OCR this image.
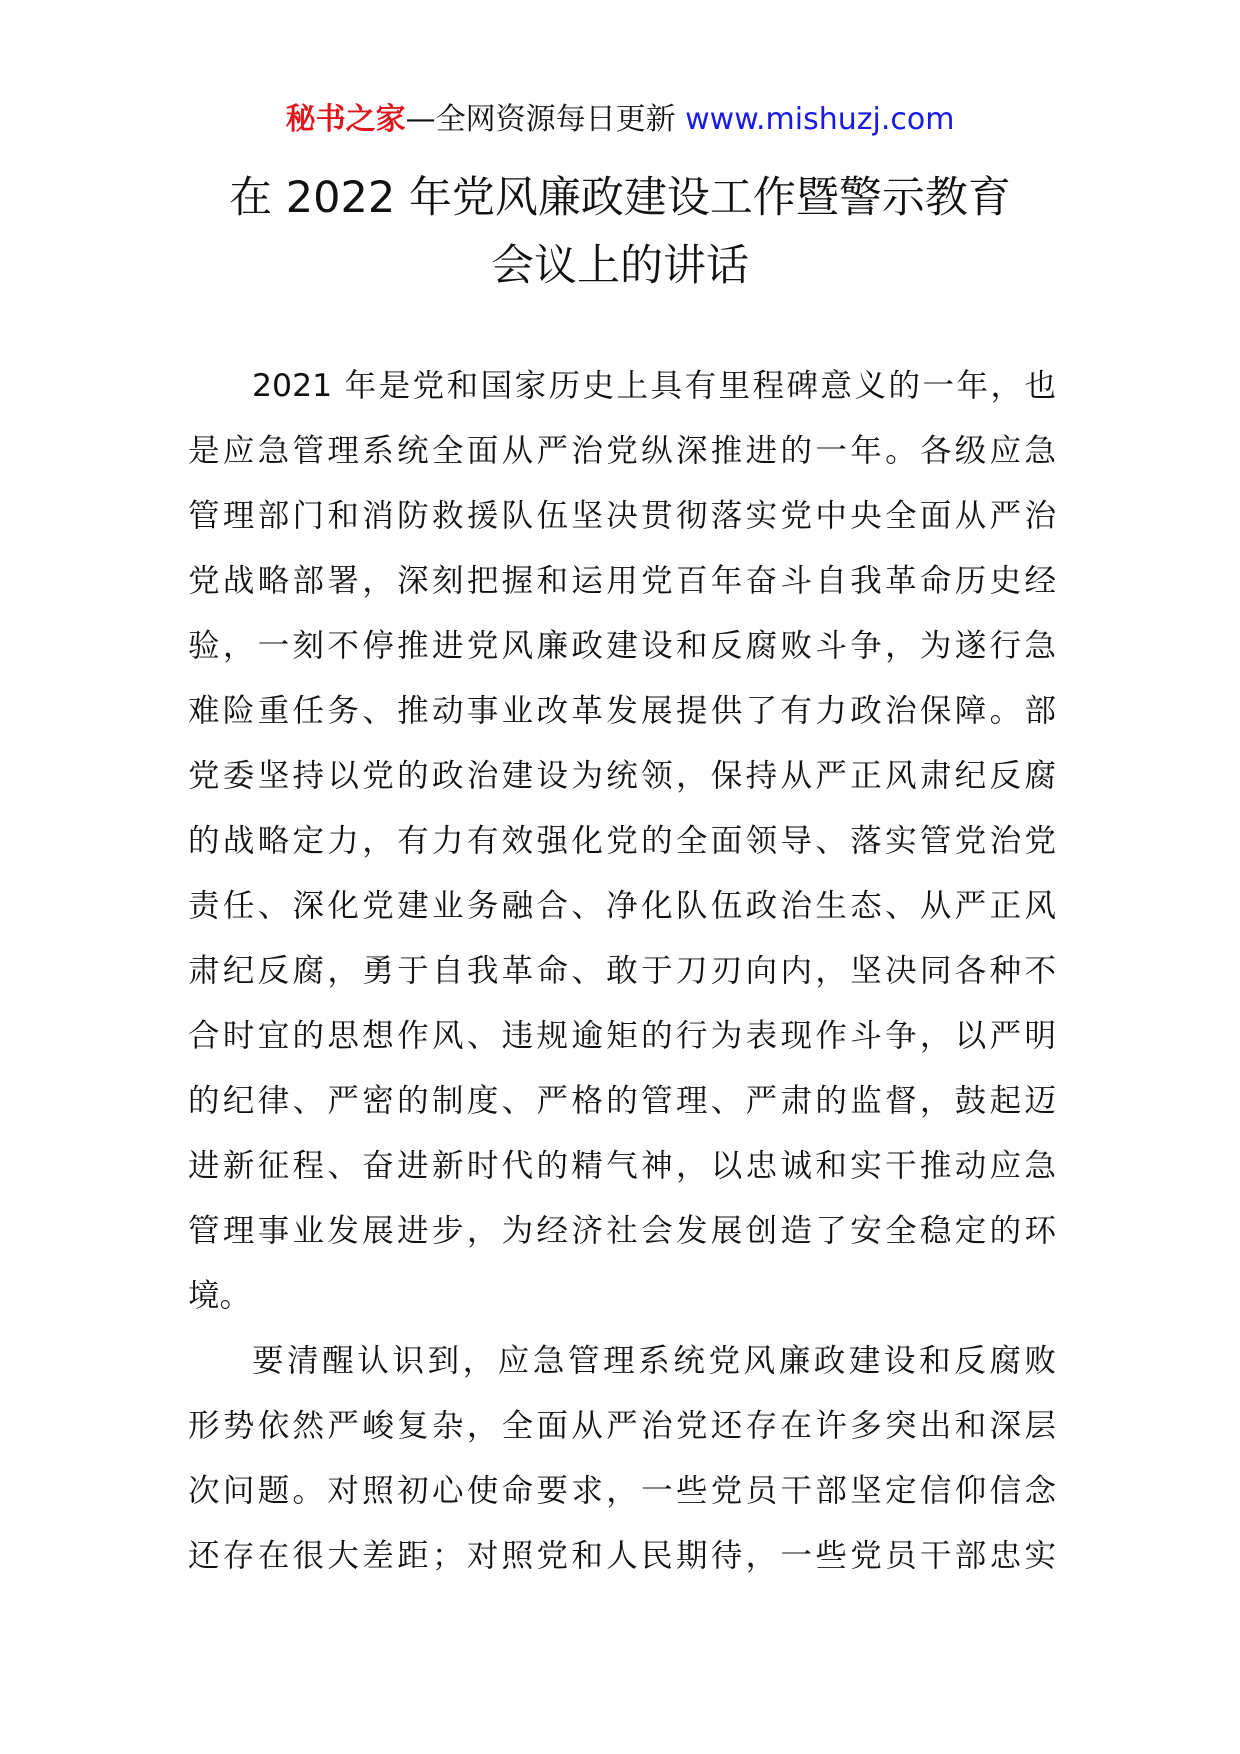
秘书之家—全网资源每日更新 www.mishuzj.com
在 2022 年党风廉政建设工作暨警示教育
会议上的讲话
2021 年是党和国家历史上具有里程碑意义的一年，也
是应急管理系统全面从严治党纵深推进的一年。各级应急
管理部门和消防救援队伍坚决贯彻落实党中央全面从严治
党战略部署，深刻把握和运用党百年奋斗自我革命历史经
验，一刻不停推进党风廉政建设和反腐败斗争，为遂行急
难险重任务、推动事业改革发展提供了有力政治保障。部
党委坚持以党的政治建设为统领，保持从严正风肃纪反腐
的战略定力，有力有效强化党的全面领导、落实管党治党
责任、深化党建业务融合、净化队伍政治生态、从严正风
肃纪反腐，勇于自我革命、敢于刀刃向内，坚决同各种不
合时宜的思想作风、违规逾矩的行为表现作斗争，以严明
的纪律、严密的制度、严格的管理、严肃的监督，鼓起迈
进新征程、奋进新时代的精气神，以忠诚和实干推动应急
管理事业发展进步，为经济社会发展创造了安全稳定的环
境。
要清醒认识到，应急管理系统党风廉政建设和反腐败
形势依然严峻复杂，全面从严治党还存在许多突出和深层
次问题。对照初心使命要求，一些党员干部坚定信仰信念
还存在很大差距；对照党和人民期待，一些党员干部忠实
